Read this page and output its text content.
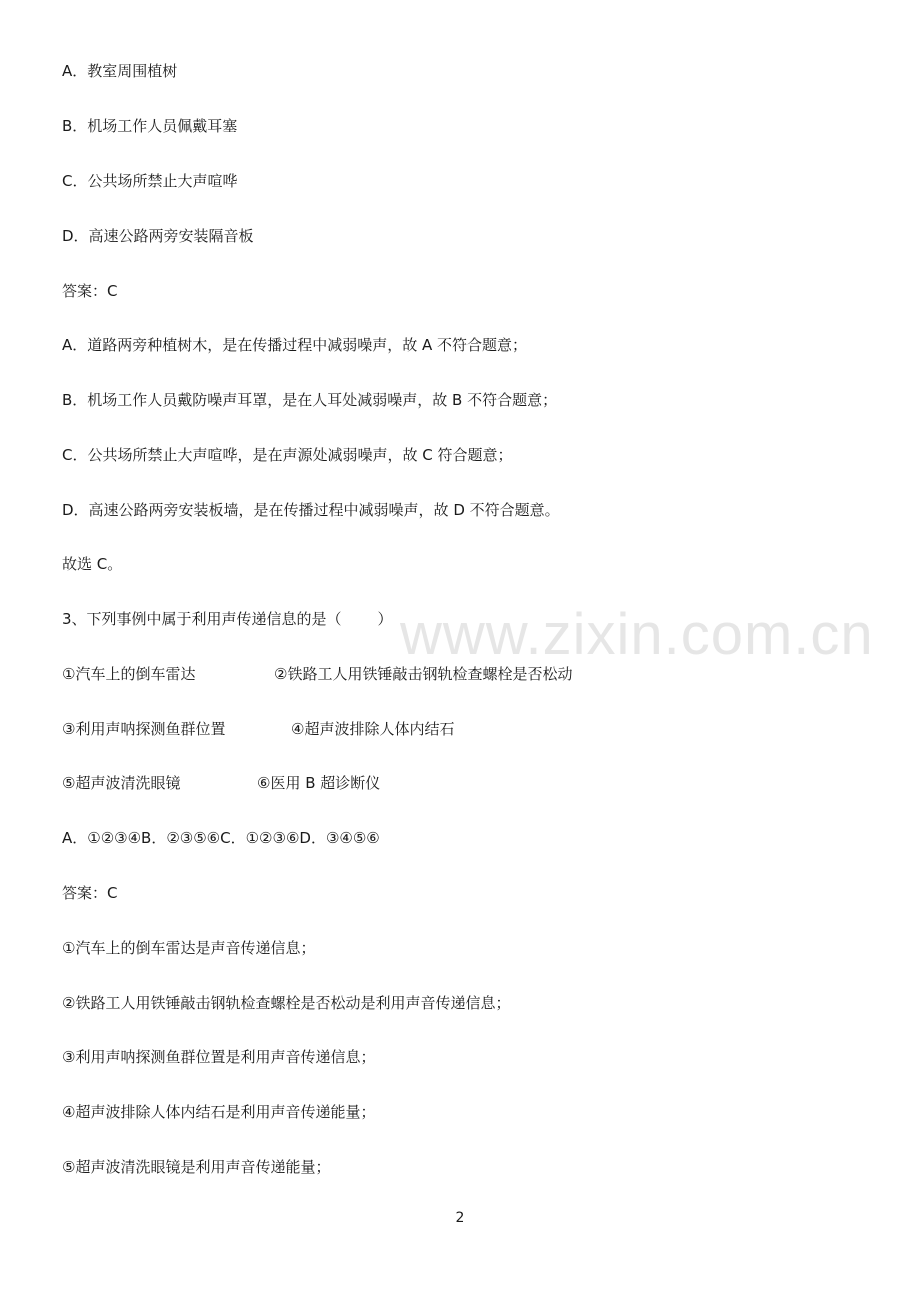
www.zixin.com.cn
A．教室周围植树
B．机场工作人员佩戴耳塞
C．公共场所禁止大声喧哗
D．高速公路两旁安装隔音板
答案：C
A．道路两旁种植树木，是在传播过程中减弱噪声，故 A 不符合题意；
B．机场工作人员戴防噪声耳罩，是在人耳处减弱噪声，故 B 不符合题意；
C．公共场所禁止大声喧哗，是在声源处减弱噪声，故 C 符合题意；
D．高速公路两旁安装板墙，是在传播过程中减弱噪声，故 D 不符合题意。
故选 C。
3、下列事例中属于利用声传递信息的是（ ）
①汽车上的倒车雷达	②铁路工人用铁锤敲击钢轨检查螺栓是否松动
③利用声呐探测鱼群位置	④超声波排除人体内结石
⑤超声波清洗眼镜	⑥医用 B 超诊断仪
A．①②③④B．②③⑤⑥C．①②③⑥D．③④⑤⑥
答案：C
①汽车上的倒车雷达是声音传递信息；
②铁路工人用铁锤敲击钢轨检查螺栓是否松动是利用声音传递信息；
③利用声呐探测鱼群位置是利用声音传递信息；
④超声波排除人体内结石是利用声音传递能量；
⑤超声波清洗眼镜是利用声音传递能量；
2
